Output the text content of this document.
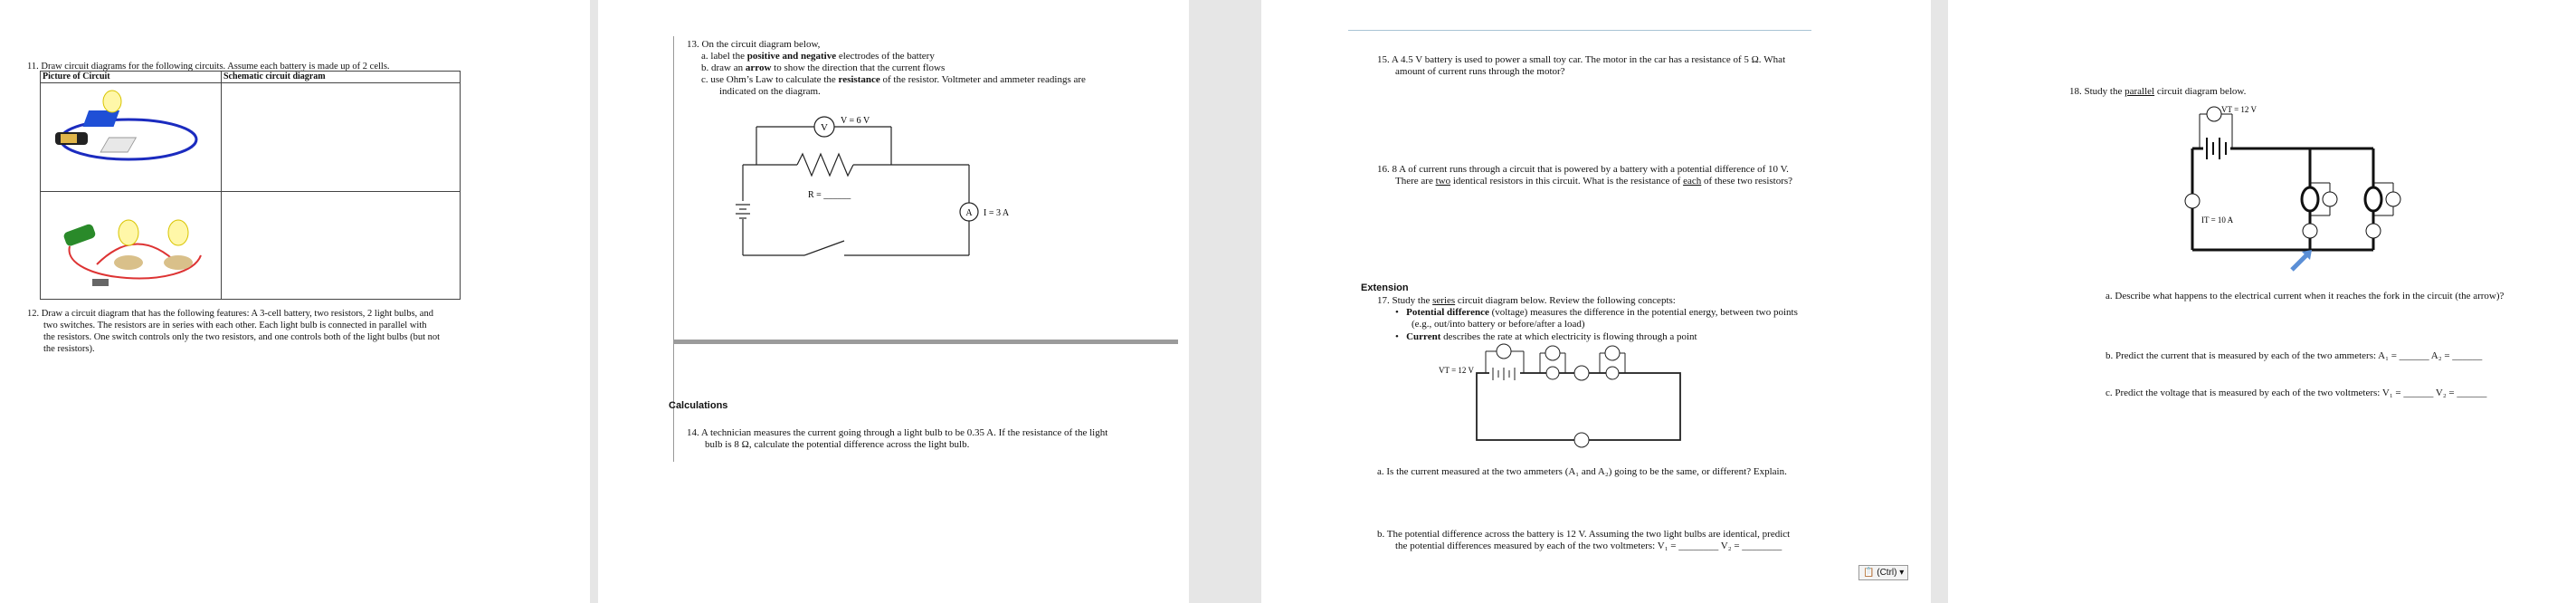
11. Draw circuit diagrams for the following circuits. Assume each battery is made up of 2 cells.
Picture of Circuit	Schematic circuit diagram

12. Draw a circuit diagram that has the following features: A 3-cell battery, two resistors, 2 light bulbs, and
two switches. The resistors are in series with each other. Each light bulb is connected in parallel with
the resistors. One switch controls only the two resistors, and one controls both of the light bulbs (but not
the resistors).
13. On the circuit diagram below,
a. label the positive and negative electrodes of the battery
b. draw an arrow to show the direction that the current flows
c. use Ohm’s Law to calculate the resistance of the resistor. Voltmeter and ammeter readings are
indicated on the diagram.
V
V = 6 V
R = ______
A I = 3 A
Calculations
14. A technician measures the current going through a light bulb to be 0.35 A. If the resistance of the light
bulb is 8 Ω, calculate the potential difference across the light bulb.
15. A 4.5 V battery is used to power a small toy car. The motor in the car has a resistance of 5 Ω. What
amount of current runs through the motor?
16. 8 A of current runs through a circuit that is powered by a battery with a potential difference of 10 V.
There are two identical resistors in this circuit. What is the resistance of each of these two resistors?
Extension
17. Study the series circuit diagram below. Review the following concepts:
•   Potential difference (voltage) measures the difference in the potential energy, between two points
(e.g., out/into battery or before/after a load)
•   Current describes the rate at which electricity is flowing through a point
VT = 12 V
a. Is the current measured at the two ammeters (A₁ and A₂) going to be the same, or different? Explain.
b. The potential difference across the battery is 12 V. Assuming the two light bulbs are identical, predict
the potential differences measured by each of the two voltmeters: V₁ = ________ V₂ = ________
📋 (Ctrl) ▾
18. Study the parallel circuit diagram below.
VT = 12 V
IT = 10 A
a. Describe what happens to the electrical current when it reaches the fork in the circuit (the arrow)?
b. Predict the current that is measured by each of the two ammeters: A₁ = ______ A₂ = ______
c. Predict the voltage that is measured by each of the two voltmeters: V₁ = ______ V₂ = ______
